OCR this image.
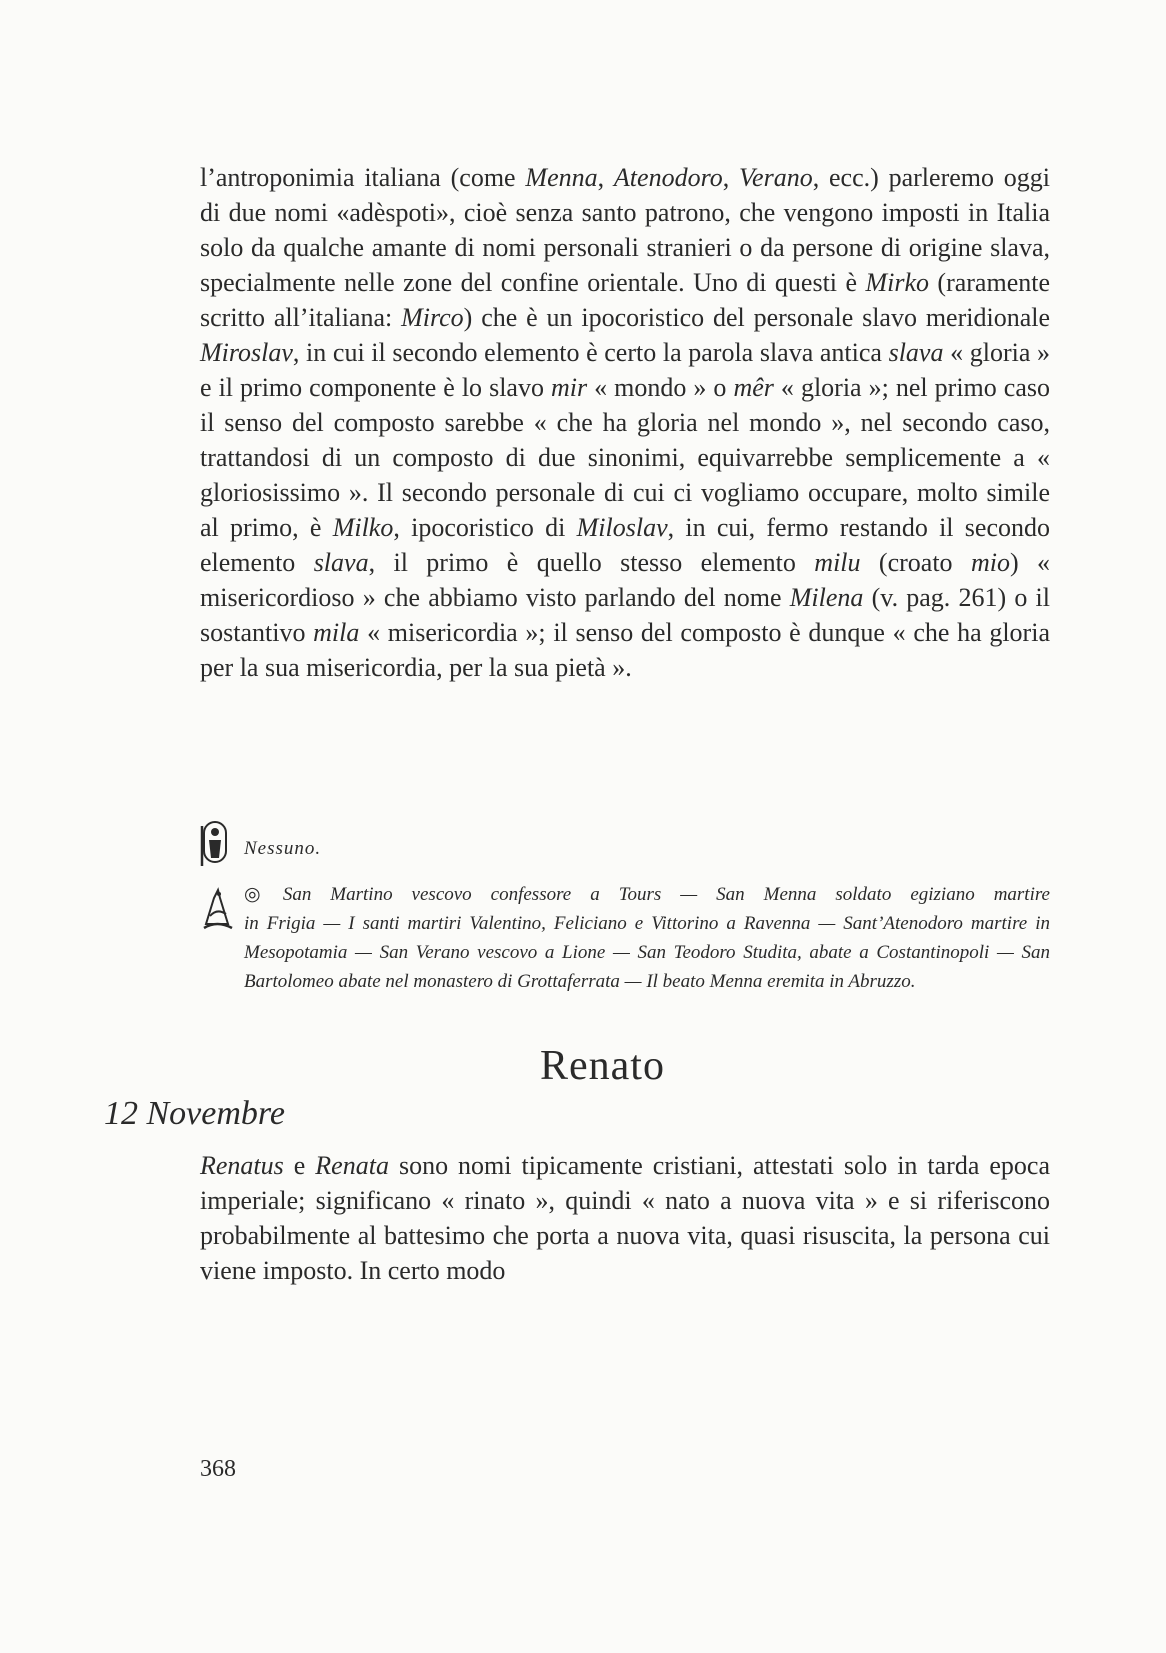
l’antroponimia italiana (come Menna, Atenodoro, Verano, ecc.) parleremo oggi di due nomi «adèspoti», cioè senza santo patrono, che vengono imposti in Italia solo da qualche amante di nomi personali stranieri o da persone di origine slava, specialmente nelle zone del confine orientale. Uno di questi è Mirko (raramente scritto all’italiana: Mirco) che è un ipocoristico del personale slavo meridionale Miroslav, in cui il secondo elemento è certo la parola slava antica slava « gloria » e il primo componente è lo slavo mir « mondo » o mêr « gloria »; nel primo caso il senso del composto sarebbe « che ha gloria nel mondo », nel secondo caso, trattandosi di un composto di due sinonimi, equivarrebbe semplicemente a « gloriosissimo ». Il secondo personale di cui ci vogliamo occupare, molto simile al primo, è Milko, ipocoristico di Miloslav, in cui, fermo restando il secondo elemento slava, il primo è quello stesso elemento milu (croato mio) « misericordioso » che abbiamo visto parlando del nome Milena (v. pag. 261) o il sostantivo mila « misericordia »; il senso del composto è dunque « che ha gloria per la sua misericordia, per la sua pietà ».

Nessuno.
◎ San Martino vescovo confessore a Tours — San Menna soldato egiziano martire
in Frigia — I santi martiri Valentino, Feliciano e Vittorino a Ravenna — Sant’Atenodoro martire in Mesopotamia — San Verano vescovo a Lione — San Teodoro Studita, abate a Costantinopoli — San Bartolomeo abate nel monastero di Grottaferrata — Il beato Menna eremita in Abruzzo.
Renato
12 Novembre

Renatus e Renata sono nomi tipicamente cristiani, attestati solo in tarda epoca imperiale; significano « rinato », quindi « nato a nuova vita » e si riferiscono probabilmente al battesimo che porta a nuova vita, quasi risuscita, la persona cui viene imposto. In certo modo

368
